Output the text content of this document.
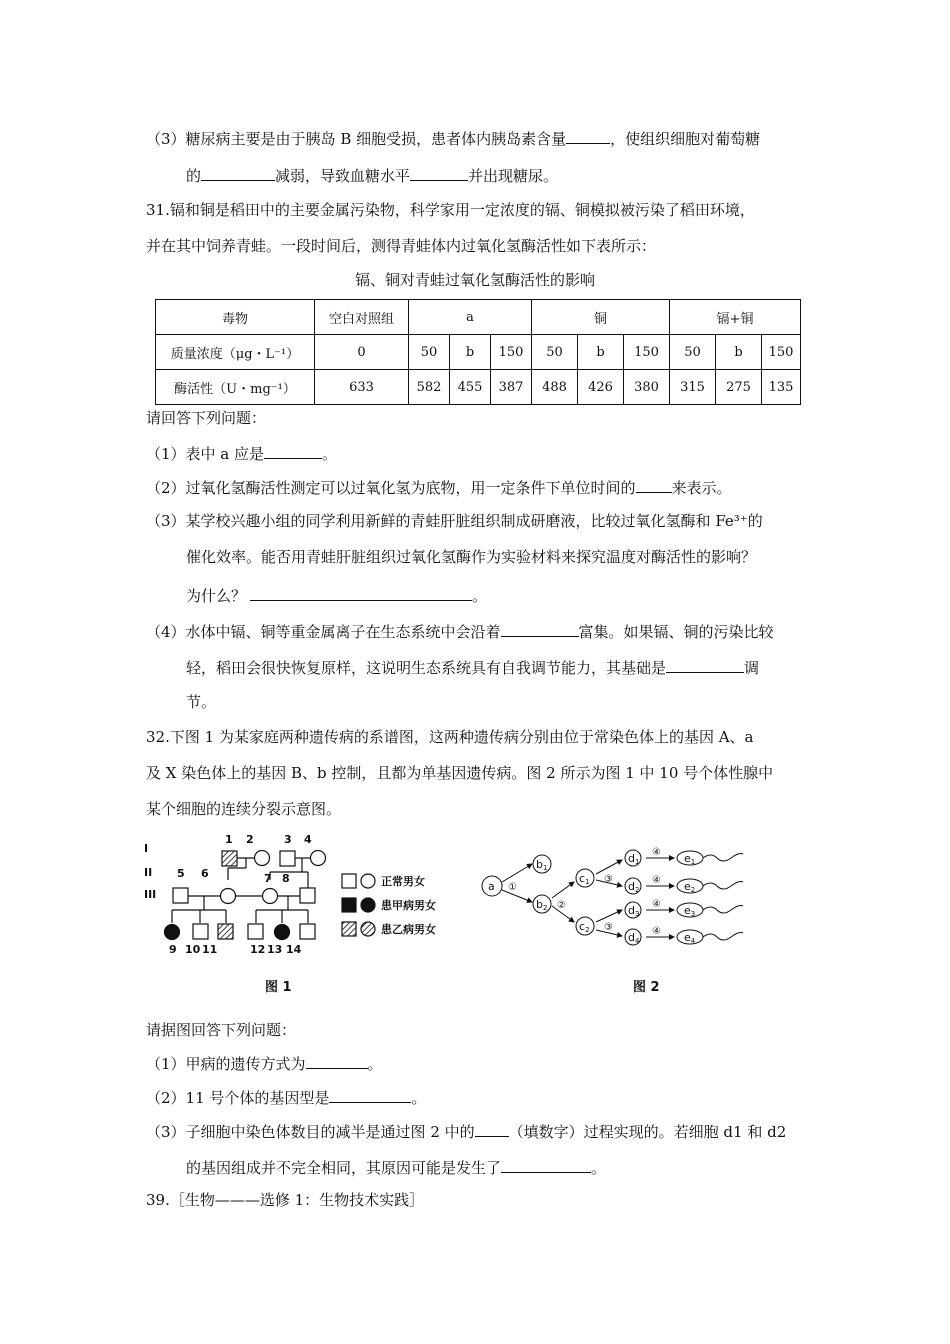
（3）糖尿病主要是由于胰岛 B 细胞受损，患者体内胰岛素含量	，使组织细胞对葡萄糖
的	减弱，导致血糖水平	并出现糖尿。
31.镉和铜是稻田中的主要金属污染物，科学家用一定浓度的镉、铜模拟被污染了稻田环境，
并在其中饲养青蛙。一段时间后，测得青蛙体内过氧化氢酶活性如下表所示：
镉、铜对青蛙过氧化氢酶活性的影响
毒物	空白对照组	a			铜			镉+铜		
质量浓度（μg・L⁻¹）	0	50	b	150	50	b	150	50	b	150
酶活性（U・mg⁻¹）	633	582	455	387	488	426	380	315	275	135
请回答下列问题：
（1）表中 a 应是	。
（2）过氧化氢酶活性测定可以过氧化氢为底物，用一定条件下单位时间的 来表示。
（3）某学校兴趣小组的同学利用新鲜的青蛙肝脏组织制成研磨液，比较过氧化氢酶和 Fe³⁺的
催化效率。能否用青蛙肝脏组织过氧化氢酶作为实验材料来探究温度对酶活性的影响？
为什么？	。
（4）水体中镉、铜等重金属离子在生态系统中会沿着	富集。如果镉、铜的污染比较
轻，稻田会很快恢复原样，这说明生态系统具有自我调节能力，其基础是	调
节。
32.下图 1 为某家庭两种遗传病的系谱图，这两种遗传病分别由位于常染色体上的基因 A、a
及 X 染色体上的基因 B、b 控制，且都为单基因遗传病。图 2 所示为图 1 中 10 号个体性腺中
某个细胞的连续分裂示意图。
I
II
III
1 2	3 4
5 6	7 8
9 10 11	12 13 14
正常男女
患甲病男女
患乙病男女
图 1
a
b1
b2
c1
c2
d1
d2
d3
d4
e1
e2
e3
e4
①
②
③
③
④
④
④
④
图 2
请据图回答下列问题：
（1）甲病的遗传方式为	。
（2）11 号个体的基因型是	。
（3）子细胞中染色体数目的减半是通过图 2 中的 （填数字）过程实现的。若细胞 d1 和 d2
的基因组成并不完全相同，其原因可能是发生了	。
39.［生物———选修 1：生物技术实践］
